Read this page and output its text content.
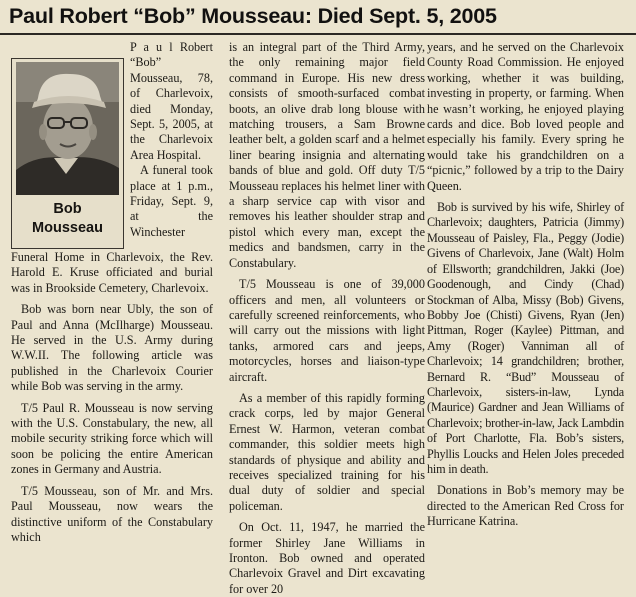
Paul Robert “Bob” Mousseau: Died Sept. 5, 2005
Bob
Mousseau

P a u l Robert “Bob” Mousseau, 78, of Charlevoix, died Monday, Sept. 5, 2005, at the Charlevoix Area Hospital.

A funeral took place at 1 p.m., Friday, Sept. 9, at the Winchester

Funeral Home in Charlevoix, the Rev. Harold E. Kruse officiated and burial was in Brookside Cemetery, Charlevoix.

Bob was born near Ubly, the son of Paul and Anna (McIlharge) Mousseau. He served in the U.S. Army during W.W.II. The following article was published in the Charlevoix Courier while Bob was serving in the army.

T/5 Paul R. Mousseau is now serving with the U.S. Constabulary, the new, all mobile security striking force which will soon be policing the entire American zones in Germany and Austria.

T/5 Mousseau, son of Mr. and Mrs. Paul Mousseau, now wears the distinctive uniform of the Constabulary which

is an integral part of the Third Army, the only remaining major field command in Europe. His new dress consists of smooth-surfaced combat boots, an olive drab long blouse with matching trousers, a Sam Browne leather belt, a golden scarf and a helmet liner bearing insignia and alternating bands of blue and gold. Off duty T/5 Mousseau replaces his helmet liner with a sharp service cap with visor and removes his leather shoulder strap and pistol which every man, except the medics and bandsmen, carry in the Constabulary.

T/5 Mousseau is one of 39,000 officers and men, all volunteers or carefully screened reinforcements, who will carry out the missions with light tanks, armored cars and jeeps, motorcycles, horses and liaison-type aircraft.

As a member of this rapidly forming crack corps, led by major General Ernest W. Harmon, veteran combat commander, this soldier meets high standards of physique and ability and receives specialized training for his dual duty of soldier and special policeman.

On Oct. 11, 1947, he married the former Shirley Jane Williams in Ironton. Bob owned and operated Charlevoix Gravel and Dirt excavating for over 20

years, and he served on the Charlevoix County Road Commission. He enjoyed working, whether it was building, investing in property, or farming. When he wasn’t working, he enjoyed playing cards and dice. Bob loved people and especially his family. Every spring he would take his grandchildren on a “picnic,” followed by a trip to the Dairy Queen.

Bob is survived by his wife, Shirley of Charlevoix; daughters, Patricia (Jimmy) Mousseau of Paisley, Fla., Peggy (Jodie) Givens of Charlevoix, Jane (Walt) Holm of Ellsworth; grandchildren, Jakki (Joe) Goodenough, and Cindy (Chad) Stockman of Alba, Missy (Bob) Givens, Bobby Joe (Chisti) Givens, Ryan (Jen) Pittman, Roger (Kaylee) Pittman, and Amy (Roger) Vanniman all of Charlevoix; 14 grandchildren; brother, Bernard R. “Bud” Mousseau of Charlevoix, sisters-in-law, Lynda (Maurice) Gardner and Jean Williams of Charlevoix; brother-in-law, Jack Lambdin of Port Charlotte, Fla. Bob’s sisters, Phyllis Loucks and Helen Joles preceded him in death.

Donations in Bob’s memory may be directed to the American Red Cross for Hurricane Katrina.
